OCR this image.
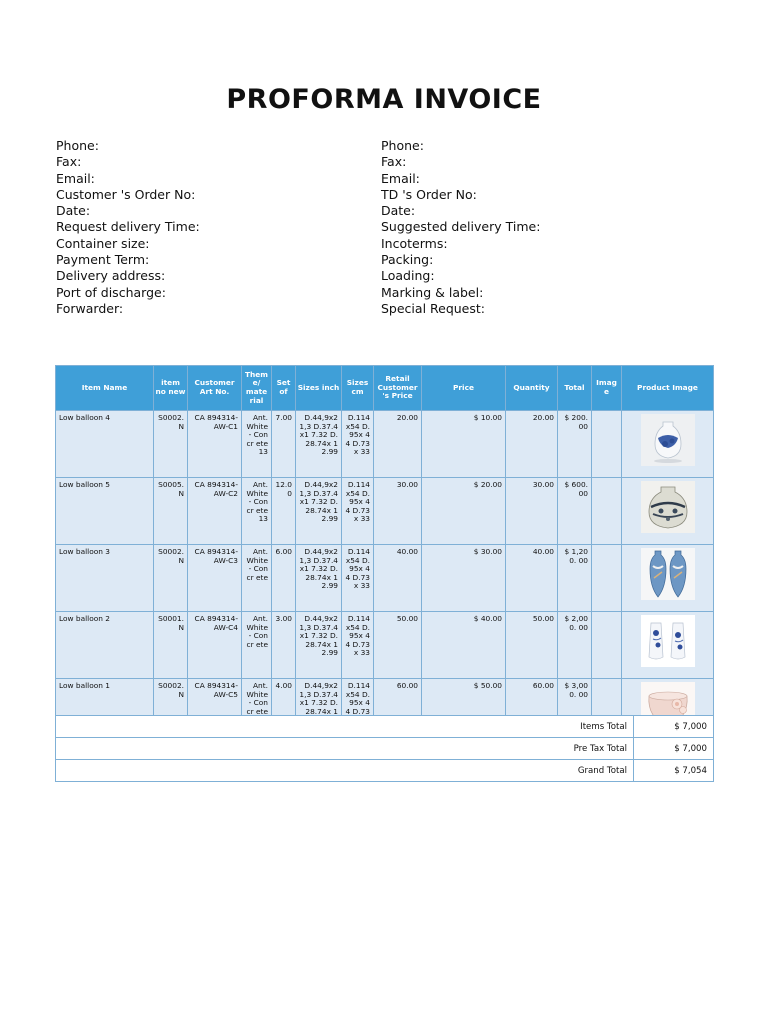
PROFORMA INVOICE
Phone:
Fax:
Email:
Customer 's Order No:
Date:
Request delivery Time:
Container size:
Payment Term:
Delivery address:
Port of discharge:
Forwarder:
Phone:
Fax:
Email:
TD 's Order No:
Date:
Suggested delivery Time:
Incoterms:
Packing:
Loading:
Marking & label:
Special Request:
Item Name	item no new	Customer Art No.	Them e/ mate rial	Set of	Sizes inch	Sizes cm	Retail Customer 's Price	Price	Quantity	Total	Imag e	Product Image
Low balloon 4	S0002. N	CA 894314- AW-C1	Ant. White - Concr ete 13	7.00	D.44,9x2 1,3 D.37.4x1 7.32 D.28.74x 12.99	D.114 x54 D.95x 44 D.73x 33	20.00	$ 10.00	20.00	$ 200.00		

Low balloon 5	S0005. N	CA 894314- AW-C2	Ant. White - Concr ete 13	12.0 0	D.44,9x2 1,3 D.37.4x1 7.32 D.28.74x 12.99	D.114 x54 D.95x 44 D.73x 33	30.00	$ 20.00	30.00	$ 600.00		

Low balloon 3	S0002. N	CA 894314- AW-C3	Ant. White - Concr ete	6.00	D.44,9x2 1,3 D.37.4x1 7.32 D.28.74x 12.99	D.114 x54 D.95x 44 D.73x 33	40.00	$ 30.00	40.00	$ 1,200. 00		

Low balloon 2	S0001. N	CA 894314- AW-C4	Ant. White - Concr ete	3.00	D.44,9x2 1,3 D.37.4x1 7.32 D.28.74x 12.99	D.114 x54 D.95x 44 D.73x 33	50.00	$ 40.00	50.00	$ 2,000. 00		

Low balloon 1	S0002. N	CA 894314- AW-C5	Ant. White - Concr ete	4.00	D.44,9x2 1,3 D.37.4x1 7.32 D.28.74x 1	D.114 x54 D.95x 44 D.73	60.00	$ 50.00	60.00	$ 3,000. 00		
Items Total	$ 7,000
Pre Tax Total	$ 7,000
Grand Total	$ 7,054
